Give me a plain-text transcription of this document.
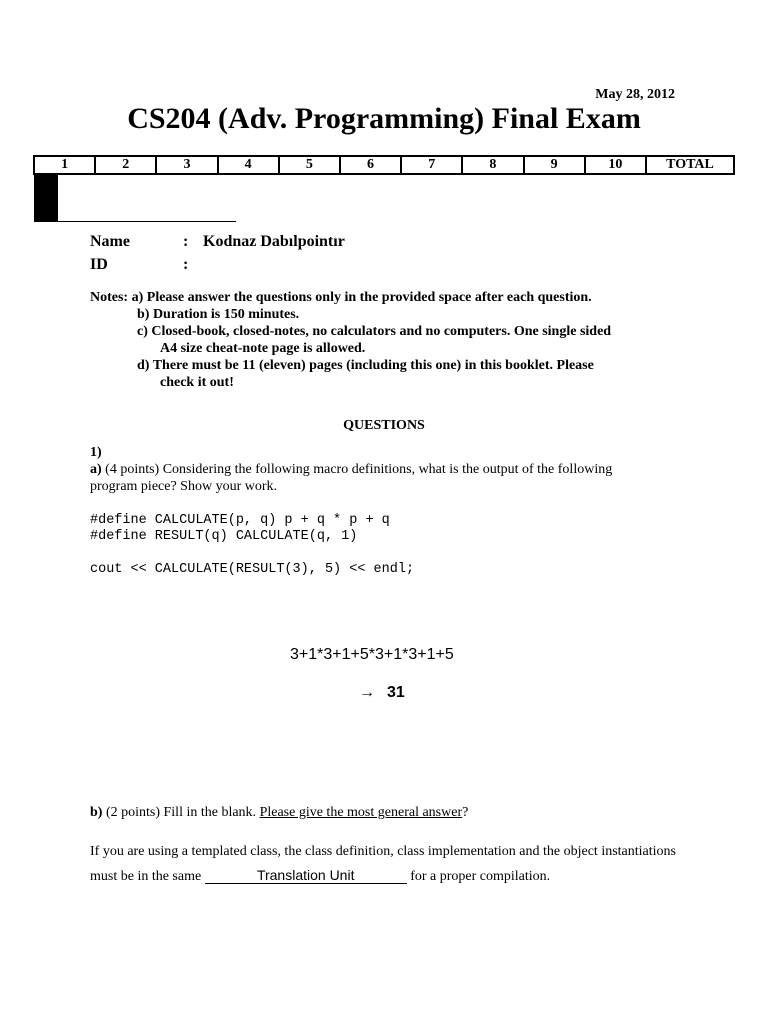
May 28, 2012
CS204 (Adv. Programming) Final Exam
1	2	3	4	5	6	7	8	9	10	TOTAL

Name	: Kodnaz Dabılpointır
ID	:
Notes: a) Please answer the questions only in the provided space after each question.
b) Duration is 150 minutes.
c) Closed-book, closed-notes, no calculators and no computers. One single sided
A4 size cheat-note page is allowed.
d) There must be 11 (eleven) pages (including this one) in this booklet. Please
check it out!
QUESTIONS
1)
a) (4 points) Considering the following macro definitions, what is the output of the following
program piece? Show your work.
#define CALCULATE(p, q) p + q * p + q
#define RESULT(q) CALCULATE(q, 1)
cout << CALCULATE(RESULT(3), 5) << endl;
3+1*3+1+5*3+1*3+1+5
→ 31
b) (2 points) Fill in the blank. Please give the most general answer?
If you are using a templated class, the class definition, class implementation and the object instantiations must be in the same	Translation Unit	for a proper compilation.
